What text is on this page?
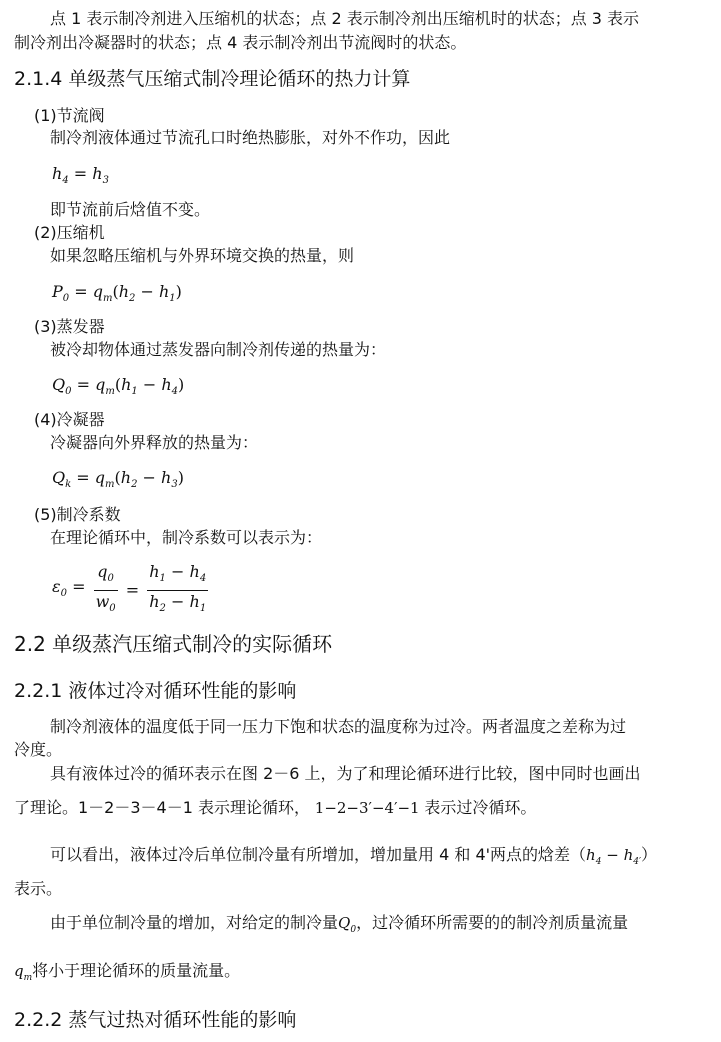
点 1 表示制冷剂进入压缩机的状态；点 2 表示制冷剂出压缩机时的状态；点 3 表示
制冷剂出冷凝器时的状态；点 4 表示制冷剂出节流阀时的状态。
2.1.4 单级蒸气压缩式制冷理论循环的热力计算
(1)节流阀
制冷剂液体通过节流孔口时绝热膨胀，对外不作功，因此
$h_4 = h_3$
即节流前后焓值不变。
(2)压缩机
如果忽略压缩机与外界环境交换的热量，则
$P_0 = q_m(h_2 - h_1)$
(3)蒸发器
被冷却物体通过蒸发器向制冷剂传递的热量为：
$Q_0 = q_m(h_1 - h_4)$
(4)冷凝器
冷凝器向外界释放的热量为：
$Q_k = q_m(h_2 - h_3)$
(5)制冷系数
在理论循环中，制冷系数可以表示为：
$\varepsilon_0 = \frac{q_0}{w_0} = \frac{h_1 - h_4}{h_2 - h_1}$
2.2 单级蒸汽压缩式制冷的实际循环
2.2.1 液体过冷对循环性能的影响
制冷剂液体的温度低于同一压力下饱和状态的温度称为过冷。两者温度之差称为过
冷度。
具有液体过冷的循环表示在图 2－6 上，为了和理论循环进行比较，图中同时也画出
了理论。1－2－3－4－1 表示理论循环， 1−2−3′−4′−1 表示过冷循环。
可以看出，液体过冷后单位制冷量有所增加，增加量用 4 和 4'两点的焓差$(h_4 - h_{4'})$
表示。
由于单位制冷量的增加，对给定的制冷量$Q_0$，过冷循环所需要的的制冷剂质量流量
$q_m$将小于理论循环的质量流量。
2.2.2 蒸气过热对循环性能的影响
